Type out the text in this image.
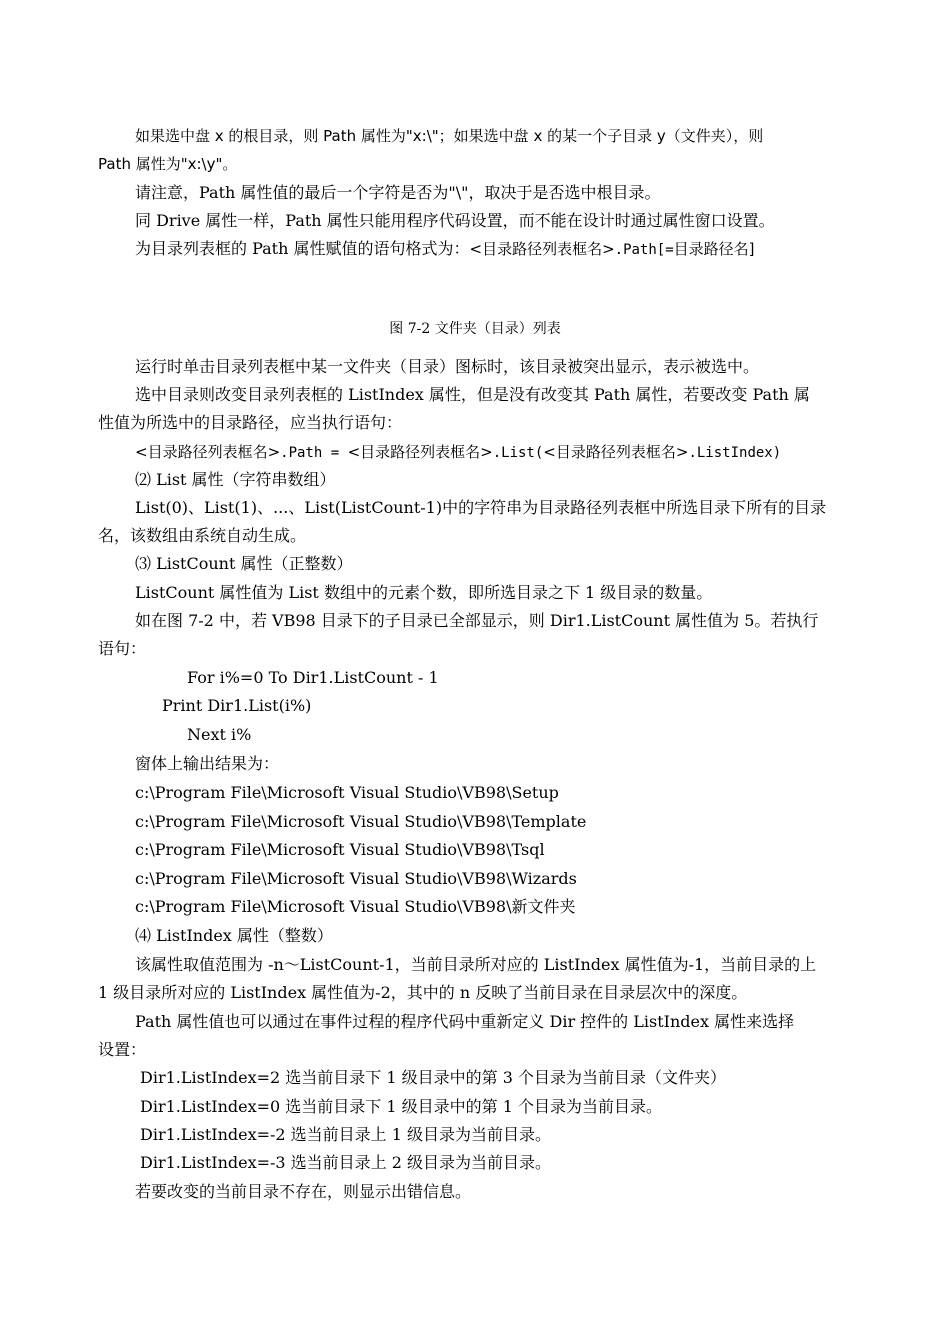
如果选中盘 x 的根目录，则 Path 属性为"x:\"；如果选中盘 x 的某一个子目录 y（文件夹），则
Path 属性为"x:\y"。
请注意，Path 属性值的最后一个字符是否为"\"，取决于是否选中根目录。
同 Drive 属性一样，Path 属性只能用程序代码设置，而不能在设计时通过属性窗口设置。
为目录列表框的 Path 属性赋值的语句格式为：<目录路径列表框名>.Path[=目录路径名]
图 7-2 文件夹（目录）列表
运行时单击目录列表框中某一文件夹（目录）图标时，该目录被突出显示，表示被选中。
选中目录则改变目录列表框的 ListIndex 属性，但是没有改变其 Path 属性，若要改变 Path 属
性值为所选中的目录路径，应当执行语句：
<目录路径列表框名>.Path = <目录路径列表框名>.List(<目录路径列表框名>.ListIndex)
⑵ List 属性（字符串数组）
List(0)、List(1)、...、List(ListCount-1)中的字符串为目录路径列表框中所选目录下所有的目录
名，该数组由系统自动生成。
⑶ ListCount 属性（正整数）
ListCount 属性值为 List 数组中的元素个数，即所选目录之下 1 级目录的数量。
如在图 7-2 中，若 VB98 目录下的子目录已全部显示，则 Dir1.ListCount 属性值为 5。若执行
语句：
For i%=0 To Dir1.ListCount - 1
Print Dir1.List(i%)
Next i%
窗体上输出结果为：
c:\Program File\Microsoft Visual Studio\VB98\Setup
c:\Program File\Microsoft Visual Studio\VB98\Template
c:\Program File\Microsoft Visual Studio\VB98\Tsql
c:\Program File\Microsoft Visual Studio\VB98\Wizards
c:\Program File\Microsoft Visual Studio\VB98\新文件夹
⑷ ListIndex 属性（整数）
该属性取值范围为 -n～ListCount-1，当前目录所对应的 ListIndex 属性值为-1，当前目录的上
1 级目录所对应的 ListIndex 属性值为-2，其中的 n 反映了当前目录在目录层次中的深度。
Path 属性值也可以通过在事件过程的程序代码中重新定义 Dir 控件的 ListIndex 属性来选择
设置：
Dir1.ListIndex=2 选当前目录下 1 级目录中的第 3 个目录为当前目录（文件夹）
Dir1.ListIndex=0 选当前目录下 1 级目录中的第 1 个目录为当前目录。
Dir1.ListIndex=-2 选当前目录上 1 级目录为当前目录。
Dir1.ListIndex=-3 选当前目录上 2 级目录为当前目录。
若要改变的当前目录不存在，则显示出错信息。
